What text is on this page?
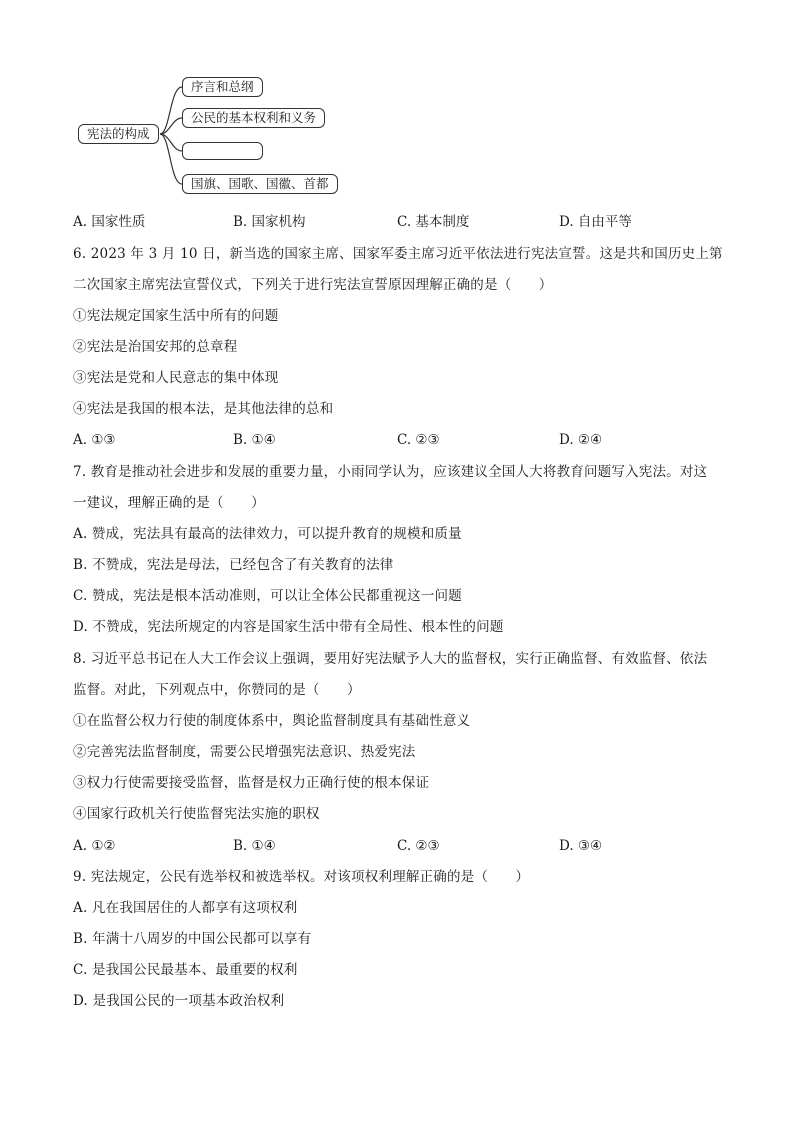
宪法的构成
序言和总纲
公民的基本权利和义务
国旗、国歌、国徽、首都
A. 国家性质	B. 国家机构	C. 基本制度	D. 自由平等
6. 2023 年 3 月 10 日，新当选的国家主席、国家军委主席习近平依法进行宪法宣誓。这是共和国历史上第
二次国家主席宪法宣誓仪式，下列关于进行宪法宣誓原因理解正确的是（　　）
①宪法规定国家生活中所有的问题
②宪法是治国安邦的总章程
③宪法是党和人民意志的集中体现
④宪法是我国的根本法，是其他法律的总和
A. ①③	B. ①④	C. ②③	D. ②④
7. 教育是推动社会进步和发展的重要力量，小雨同学认为，应该建议全国人大将教育问题写入宪法。对这
一建议，理解正确的是（　　）
A. 赞成，宪法具有最高的法律效力，可以提升教育的规模和质量
B. 不赞成，宪法是母法，已经包含了有关教育的法律
C. 赞成，宪法是根本活动准则，可以让全体公民都重视这一问题
D. 不赞成，宪法所规定的内容是国家生活中带有全局性、根本性的问题
8. 习近平总书记在人大工作会议上强调，要用好宪法赋予人大的监督权，实行正确监督、有效监督、依法
监督。对此，下列观点中，你赞同的是（　　）
①在监督公权力行使的制度体系中，舆论监督制度具有基础性意义
②完善宪法监督制度，需要公民增强宪法意识、热爱宪法
③权力行使需要接受监督，监督是权力正确行使的根本保证
④国家行政机关行使监督宪法实施的职权
A. ①②	B. ①④	C. ②③	D. ③④
9. 宪法规定，公民有选举权和被选举权。对该项权利理解正确的是（　　）
A. 凡在我国居住的人都享有这项权利
B. 年满十八周岁的中国公民都可以享有
C. 是我国公民最基本、最重要的权利
D. 是我国公民的一项基本政治权利
